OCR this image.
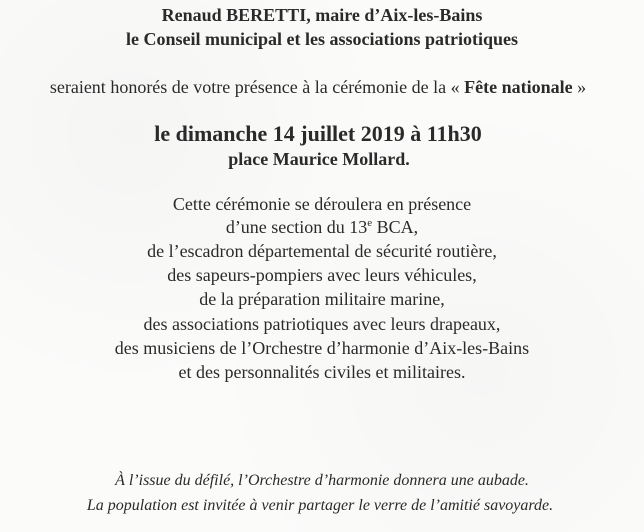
Renaud BERETTI, maire d’Aix-les-Bains
le Conseil municipal et les associations patriotiques
seraient honorés de votre présence à la cérémonie de la « Fête nationale »
le dimanche 14 juillet 2019 à 11h30
place Maurice Mollard.
Cette cérémonie se déroulera en présence
d’une section du 13e BCA,
de l’escadron départemental de sécurité routière,
des sapeurs-pompiers avec leurs véhicules,
de la préparation militaire marine,
des associations patriotiques avec leurs drapeaux,
des musiciens de l’Orchestre d’harmonie d’Aix-les-Bains
et des personnalités civiles et militaires.
À l’issue du défilé, l’Orchestre d’harmonie donnera une aubade.
La population est invitée à venir partager le verre de l’amitié savoyarde.
